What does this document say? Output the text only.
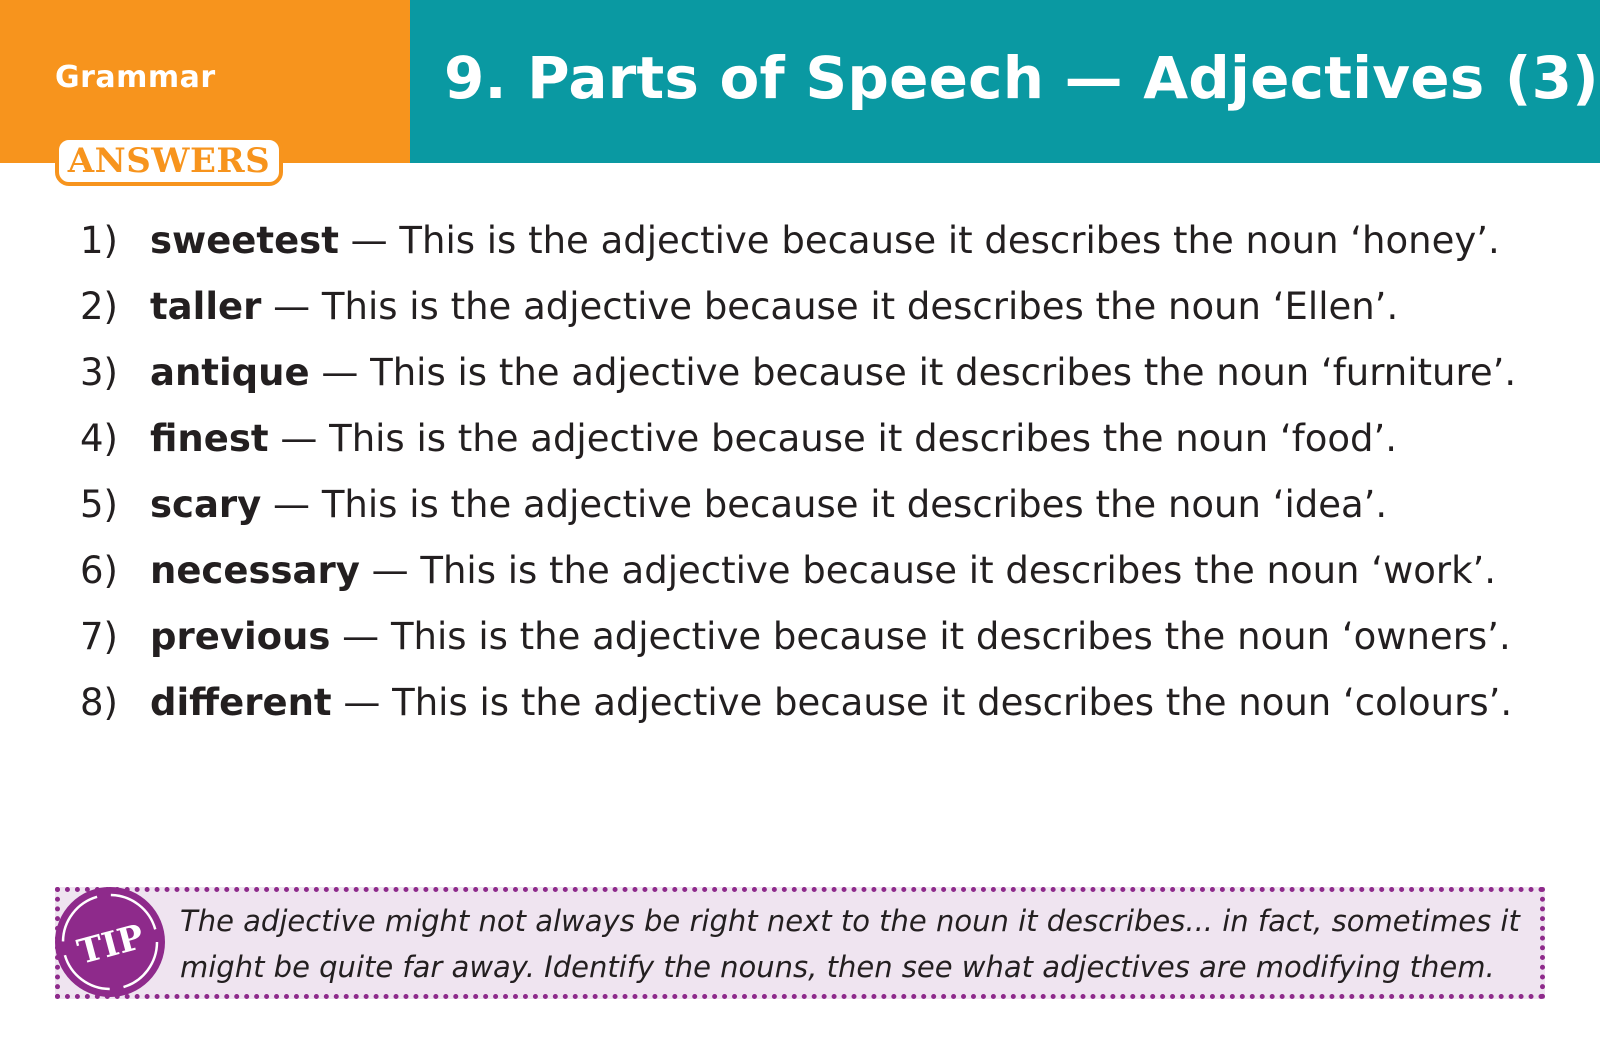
Grammar	9. Parts of Speech — Adjectives (3)
ANSWERS
1) sweetest — This is the adjective because it describes the noun ‘honey’.
2) taller — This is the adjective because it describes the noun ‘Ellen’.
3) antique — This is the adjective because it describes the noun ‘furniture’.
4) finest — This is the adjective because it describes the noun ‘food’.
5) scary — This is the adjective because it describes the noun ‘idea’.
6) necessary — This is the adjective because it describes the noun ‘work’.
7) previous — This is the adjective because it describes the noun ‘owners’.
8) different — This is the adjective because it describes the noun ‘colours’.
TIP The adjective might not always be right next to the noun it describes... in fact, sometimes it
might be quite far away. Identify the nouns, then see what adjectives are modifying them.
